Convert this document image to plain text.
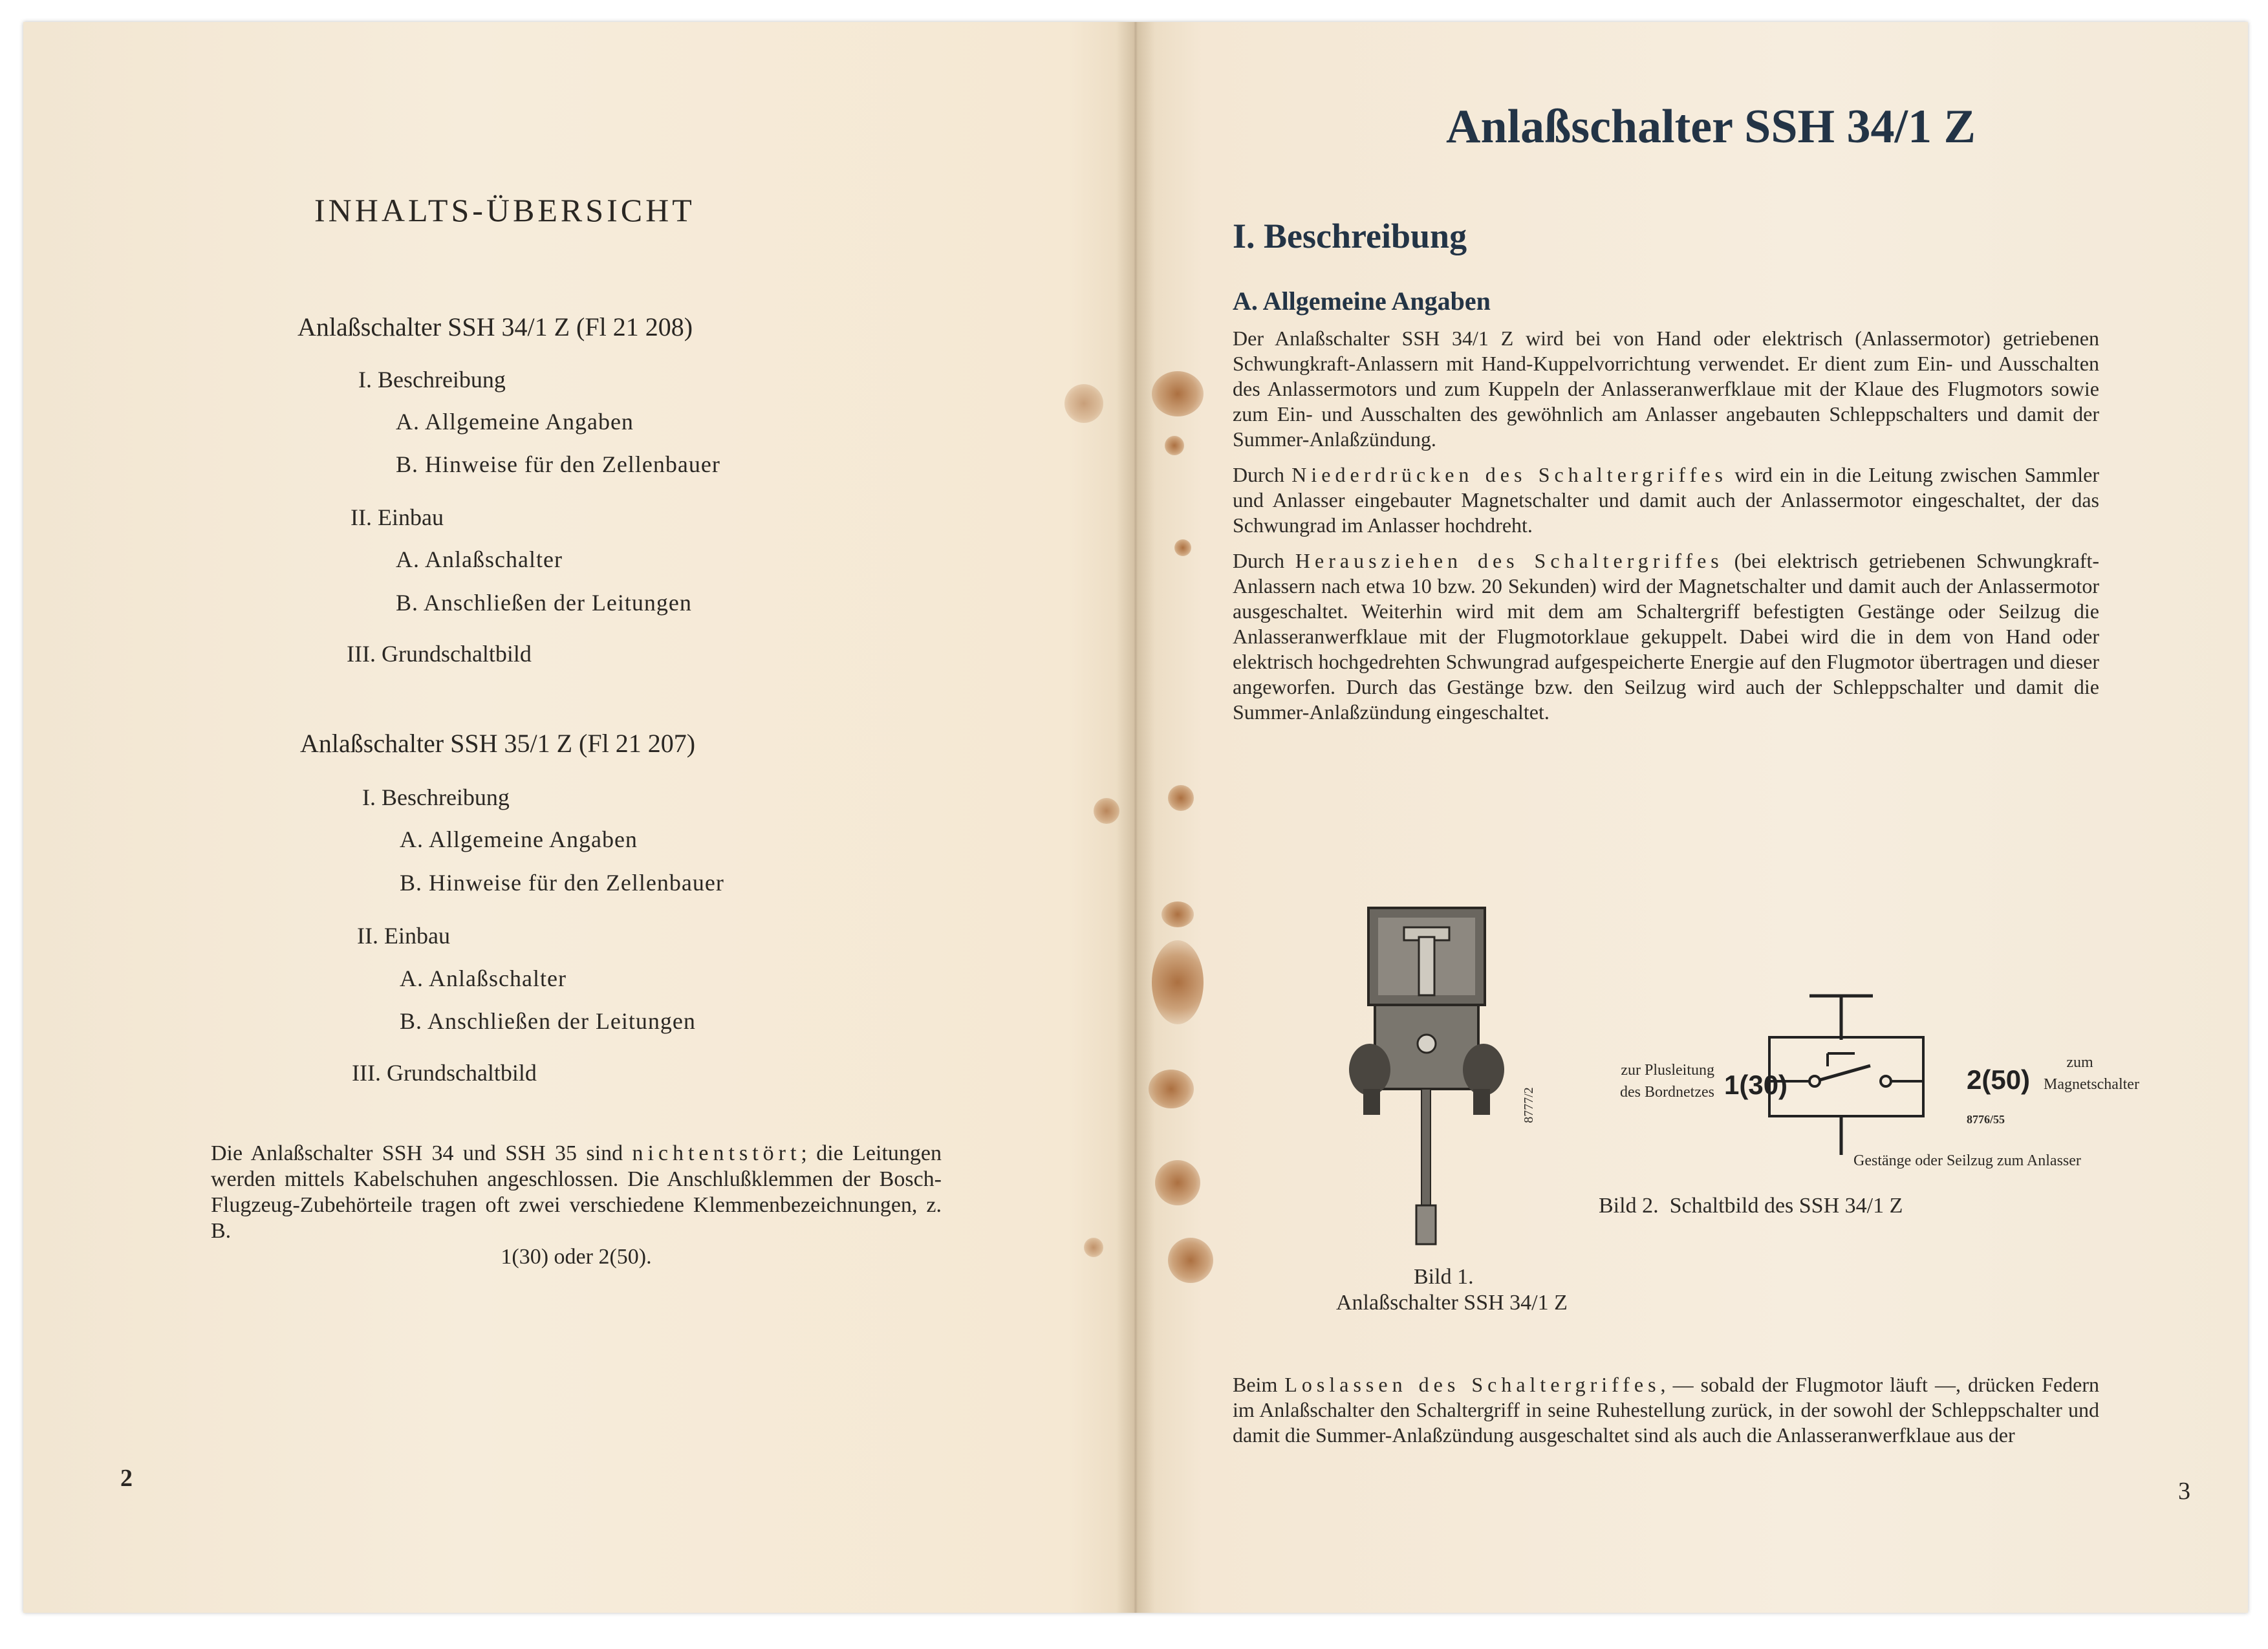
INHALTS-ÜBERSICHT
Anlaßschalter SSH 34/1 Z (Fl 21 208)
I. Beschreibung
A. Allgemeine Angaben
B. Hinweise für den Zellenbauer
II. Einbau
A. Anlaßschalter
B. Anschließen der Leitungen
III. Grundschaltbild
Anlaßschalter SSH 35/1 Z (Fl 21 207)
I. Beschreibung
A. Allgemeine Angaben
B. Hinweise für den Zellenbauer
II. Einbau
A. Anlaßschalter
B. Anschließen der Leitungen
III. Grundschaltbild

Die Anlaßschalter SSH 34 und SSH 35 sind nichtentstört; die Leitungen werden mittels Kabelschuhen angeschlossen. Die Anschlußklemmen der Bosch-Flugzeug-Zubehörteile tragen oft zwei verschiedene Klemmenbezeichnungen, z. B.

1(30) oder 2(50).

2
Anlaßschalter SSH 34/1 Z
I. Beschreibung
A. Allgemeine Angaben

Der Anlaßschalter SSH 34/1 Z wird bei von Hand oder elektrisch (Anlassermotor) getriebenen Schwungkraft-Anlassern mit Hand-Kuppelvorrichtung verwendet. Er dient zum Ein- und Ausschalten des Anlassermotors und zum Kuppeln der Anlasseranwerfklaue mit der Klaue des Flugmotors sowie zum Ein- und Ausschalten des gewöhnlich am Anlasser angebauten Schleppschalters und damit der Summer-Anlaßzündung.

Durch Niederdrücken des Schaltergriffes wird ein in die Leitung zwischen Sammler und Anlasser eingebauter Magnetschalter und damit auch der Anlassermotor eingeschaltet, der das Schwungrad im Anlasser hochdreht.

Durch Herausziehen des Schaltergriffes (bei elektrisch getriebenen Schwungkraft-Anlassern nach etwa 10 bzw. 20 Sekunden) wird der Magnetschalter und damit auch der Anlassermotor ausgeschaltet. Weiterhin wird mit dem am Schaltergriff befestigten Gestänge oder Seilzug die Anlasseranwerfklaue mit der Flugmotorklaue gekuppelt. Dabei wird die in dem von Hand oder elektrisch hochgedrehten Schwungrad aufgespeicherte Energie auf den Flugmotor übertragen und dieser angeworfen. Durch das Gestänge bzw. den Seilzug wird auch der Schleppschalter und damit die Summer-Anlaßzündung eingeschaltet.

8777/2
Bild 1.
Anlaßschalter SSH 34/1 Z
zur Plusleitung
des Bordnetzes 1(30)	2(50)
zum
Magnetschalter
8776/55
Gestänge oder Seilzug zum Anlasser
Bild 2.  Schaltbild des SSH 34/1 Z

Beim Loslassen des Schaltergriffes, — sobald der Flugmotor läuft —, drücken Federn im Anlaßschalter den Schaltergriff in seine Ruhestellung zurück, in der sowohl der Schleppschalter und damit die Summer-Anlaßzündung ausgeschaltet sind als auch die Anlasseranwerfklaue aus der

3
